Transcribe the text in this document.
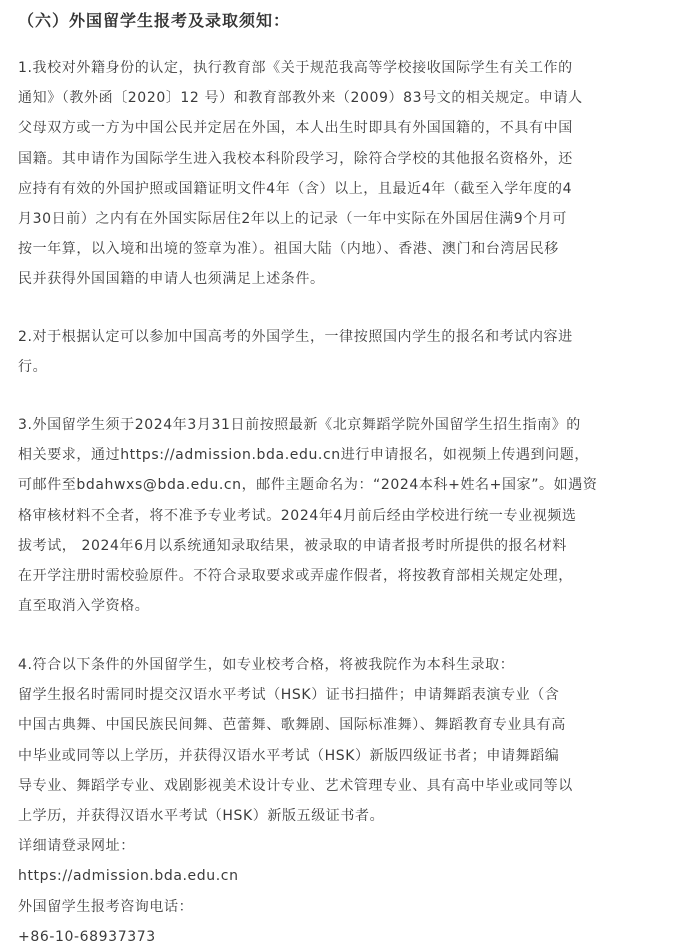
（六）外国留学生报考及录取须知：
1.我校对外籍身份的认定，执行教育部《关于规范我高等学校接收国际学生有关工作的
通知》（教外函〔2020〕12 号）和教育部教外来（2009）83号文的相关规定。申请人
父母双方或一方为中国公民并定居在外国，本人出生时即具有外国国籍的，不具有中国
国籍。其申请作为国际学生进入我校本科阶段学习，除符合学校的其他报名资格外，还
应持有有效的外国护照或国籍证明文件4年（含）以上，且最近4年（截至入学年度的4
月30日前）之内有在外国实际居住2年以上的记录（一年中实际在外国居住满9个月可
按一年算，以入境和出境的签章为准）。祖国大陆（内地）、香港、澳门和台湾居民移
民并获得外国国籍的申请人也须满足上述条件。
2.对于根据认定可以参加中国高考的外国学生，一律按照国内学生的报名和考试内容进
行。
3.外国留学生须于2024年3月31日前按照最新《北京舞蹈学院外国留学生招生指南》的
相关要求，通过https://admission.bda.edu.cn进行申请报名，如视频上传遇到问题，
可邮件至bdahwxs@bda.edu.cn，邮件主题命名为：“2024本科+姓名+国家”。如遇资
格审核材料不全者，将不准予专业考试。2024年4月前后经由学校进行统一专业视频选
拔考试， 2024年6月以系统通知录取结果，被录取的申请者报考时所提供的报名材料
在开学注册时需校验原件。不符合录取要求或弄虚作假者，将按教育部相关规定处理，
直至取消入学资格。
4.符合以下条件的外国留学生，如专业校考合格，将被我院作为本科生录取：
留学生报名时需同时提交汉语水平考试（HSK）证书扫描件；申请舞蹈表演专业（含
中国古典舞、中国民族民间舞、芭蕾舞、歌舞剧、国际标准舞）、舞蹈教育专业具有高
中毕业或同等以上学历，并获得汉语水平考试（HSK）新版四级证书者；申请舞蹈编
导专业、舞蹈学专业、戏剧影视美术设计专业、艺术管理专业、具有高中毕业或同等以
上学历，并获得汉语水平考试（HSK）新版五级证书者。
详细请登录网址：
https://admission.bda.edu.cn
外国留学生报考咨询电话：
+86-10-68937373
